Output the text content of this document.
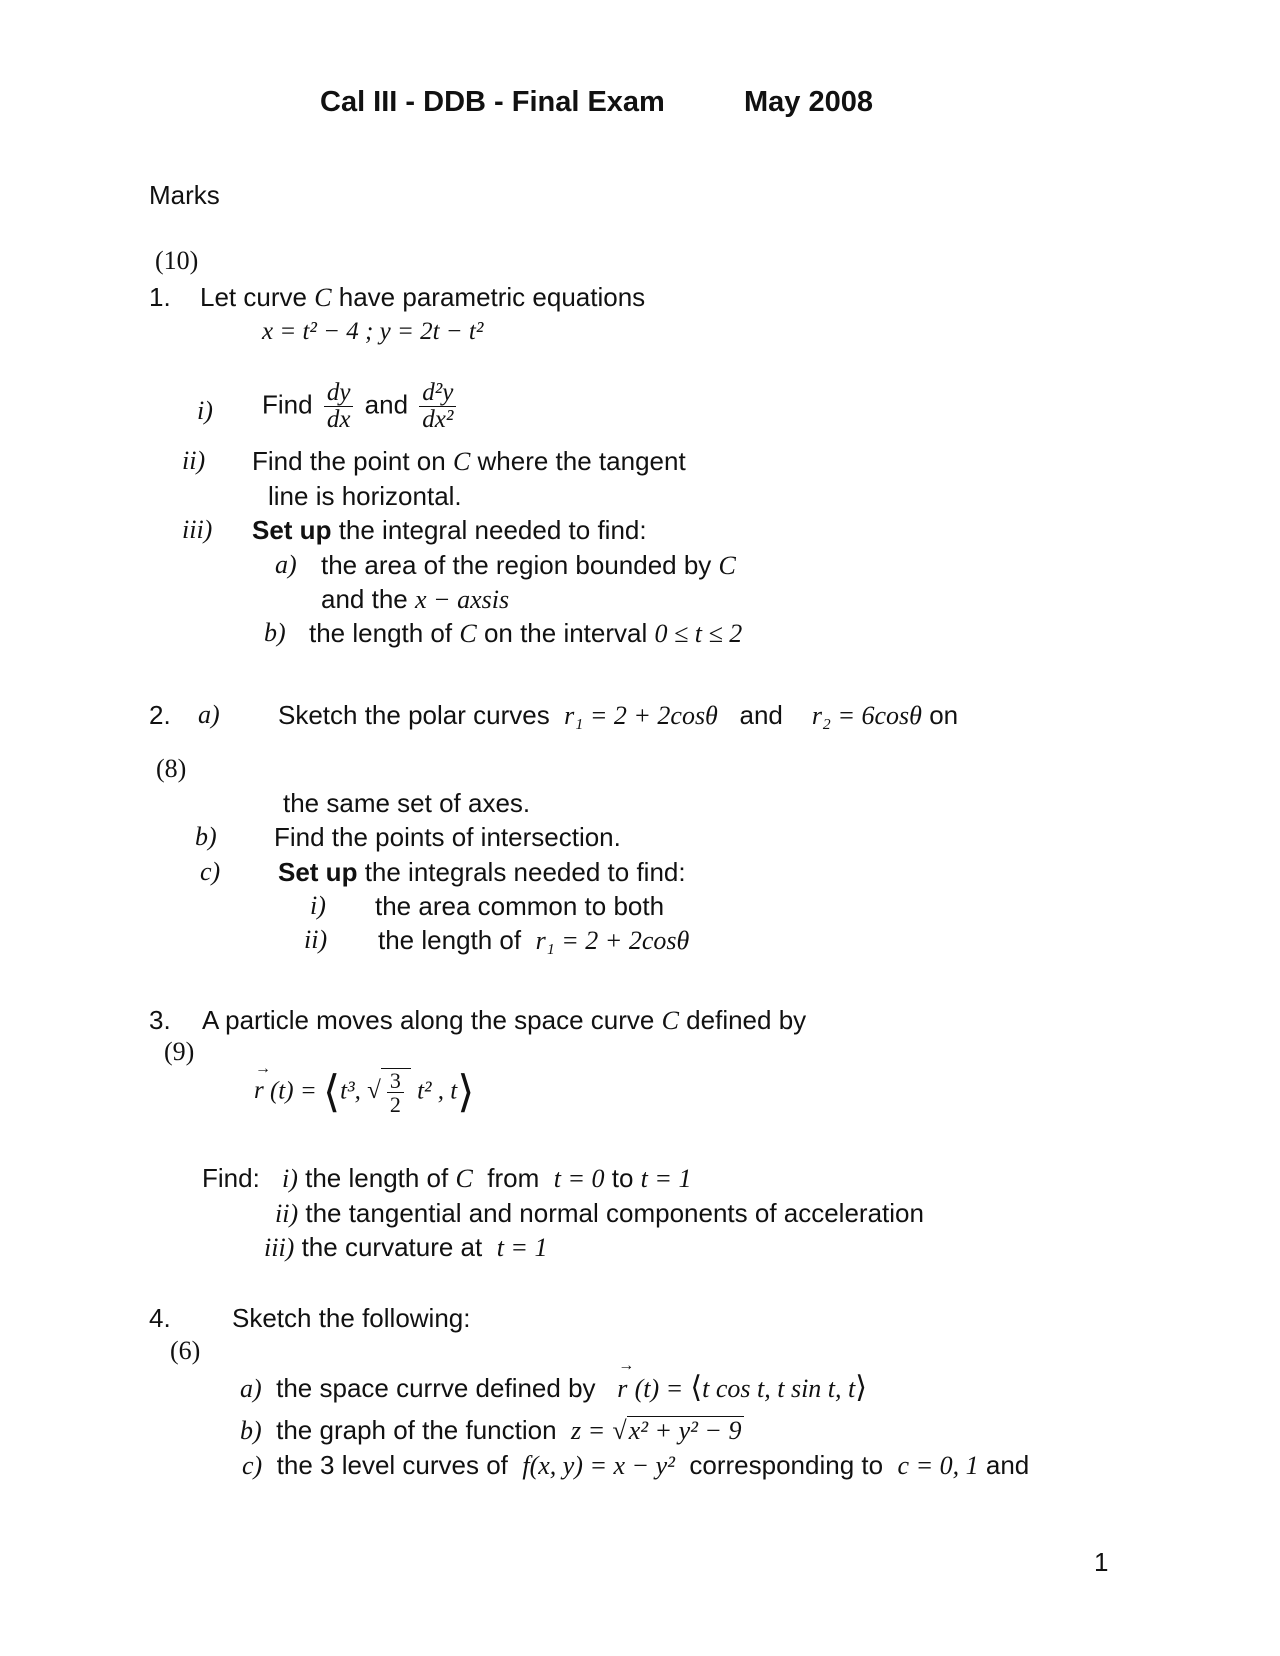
Cal III - DDB - Final Exam	May 2008
Marks
(10)
1. Let curve C have parametric equations
x = t² − 4 ; y = 2t − t²
i) Find $\frac{dy}{dx}$ and $\frac{\text{d²y}}{\text{dx²}}$
ii) Find the point on C where the tangent
line is horizontal.
iii) Set up the integral needed to find:
a) the area of the region bounded by C
and the x − axsis
b) the length of C on the interval 0 ≤ t ≤ 2
2. a) Sketch the polar curves r₁ = 2 + 2cosθ and r₂ = 6cosθ on
(8)
the same set of axes.
b) Find the points of intersection.
c) Set up the integrals needed to find:
i) the area common to both
ii) the length of r₁ = 2 + 2cosθ
3. A particle moves along the space curve C defined by
(9)
→
r (t) = ⟨t³, √ $\frac{3}{2} t^2$ , t⟩
Find: i) the length of C from t = 0 to t = 1
ii) the tangential and normal components of acceleration
iii) the curvature at t = 1
4. Sketch the following:
(6)
a) the space currve defined by
→
r (t) = ⟨t cos t, t sin t, t⟩
b) the graph of the function z = √x² + y² − 9
c) the 3 level curves of f(x, y) = x − y² corresponding to c = 0, 1 and
1
